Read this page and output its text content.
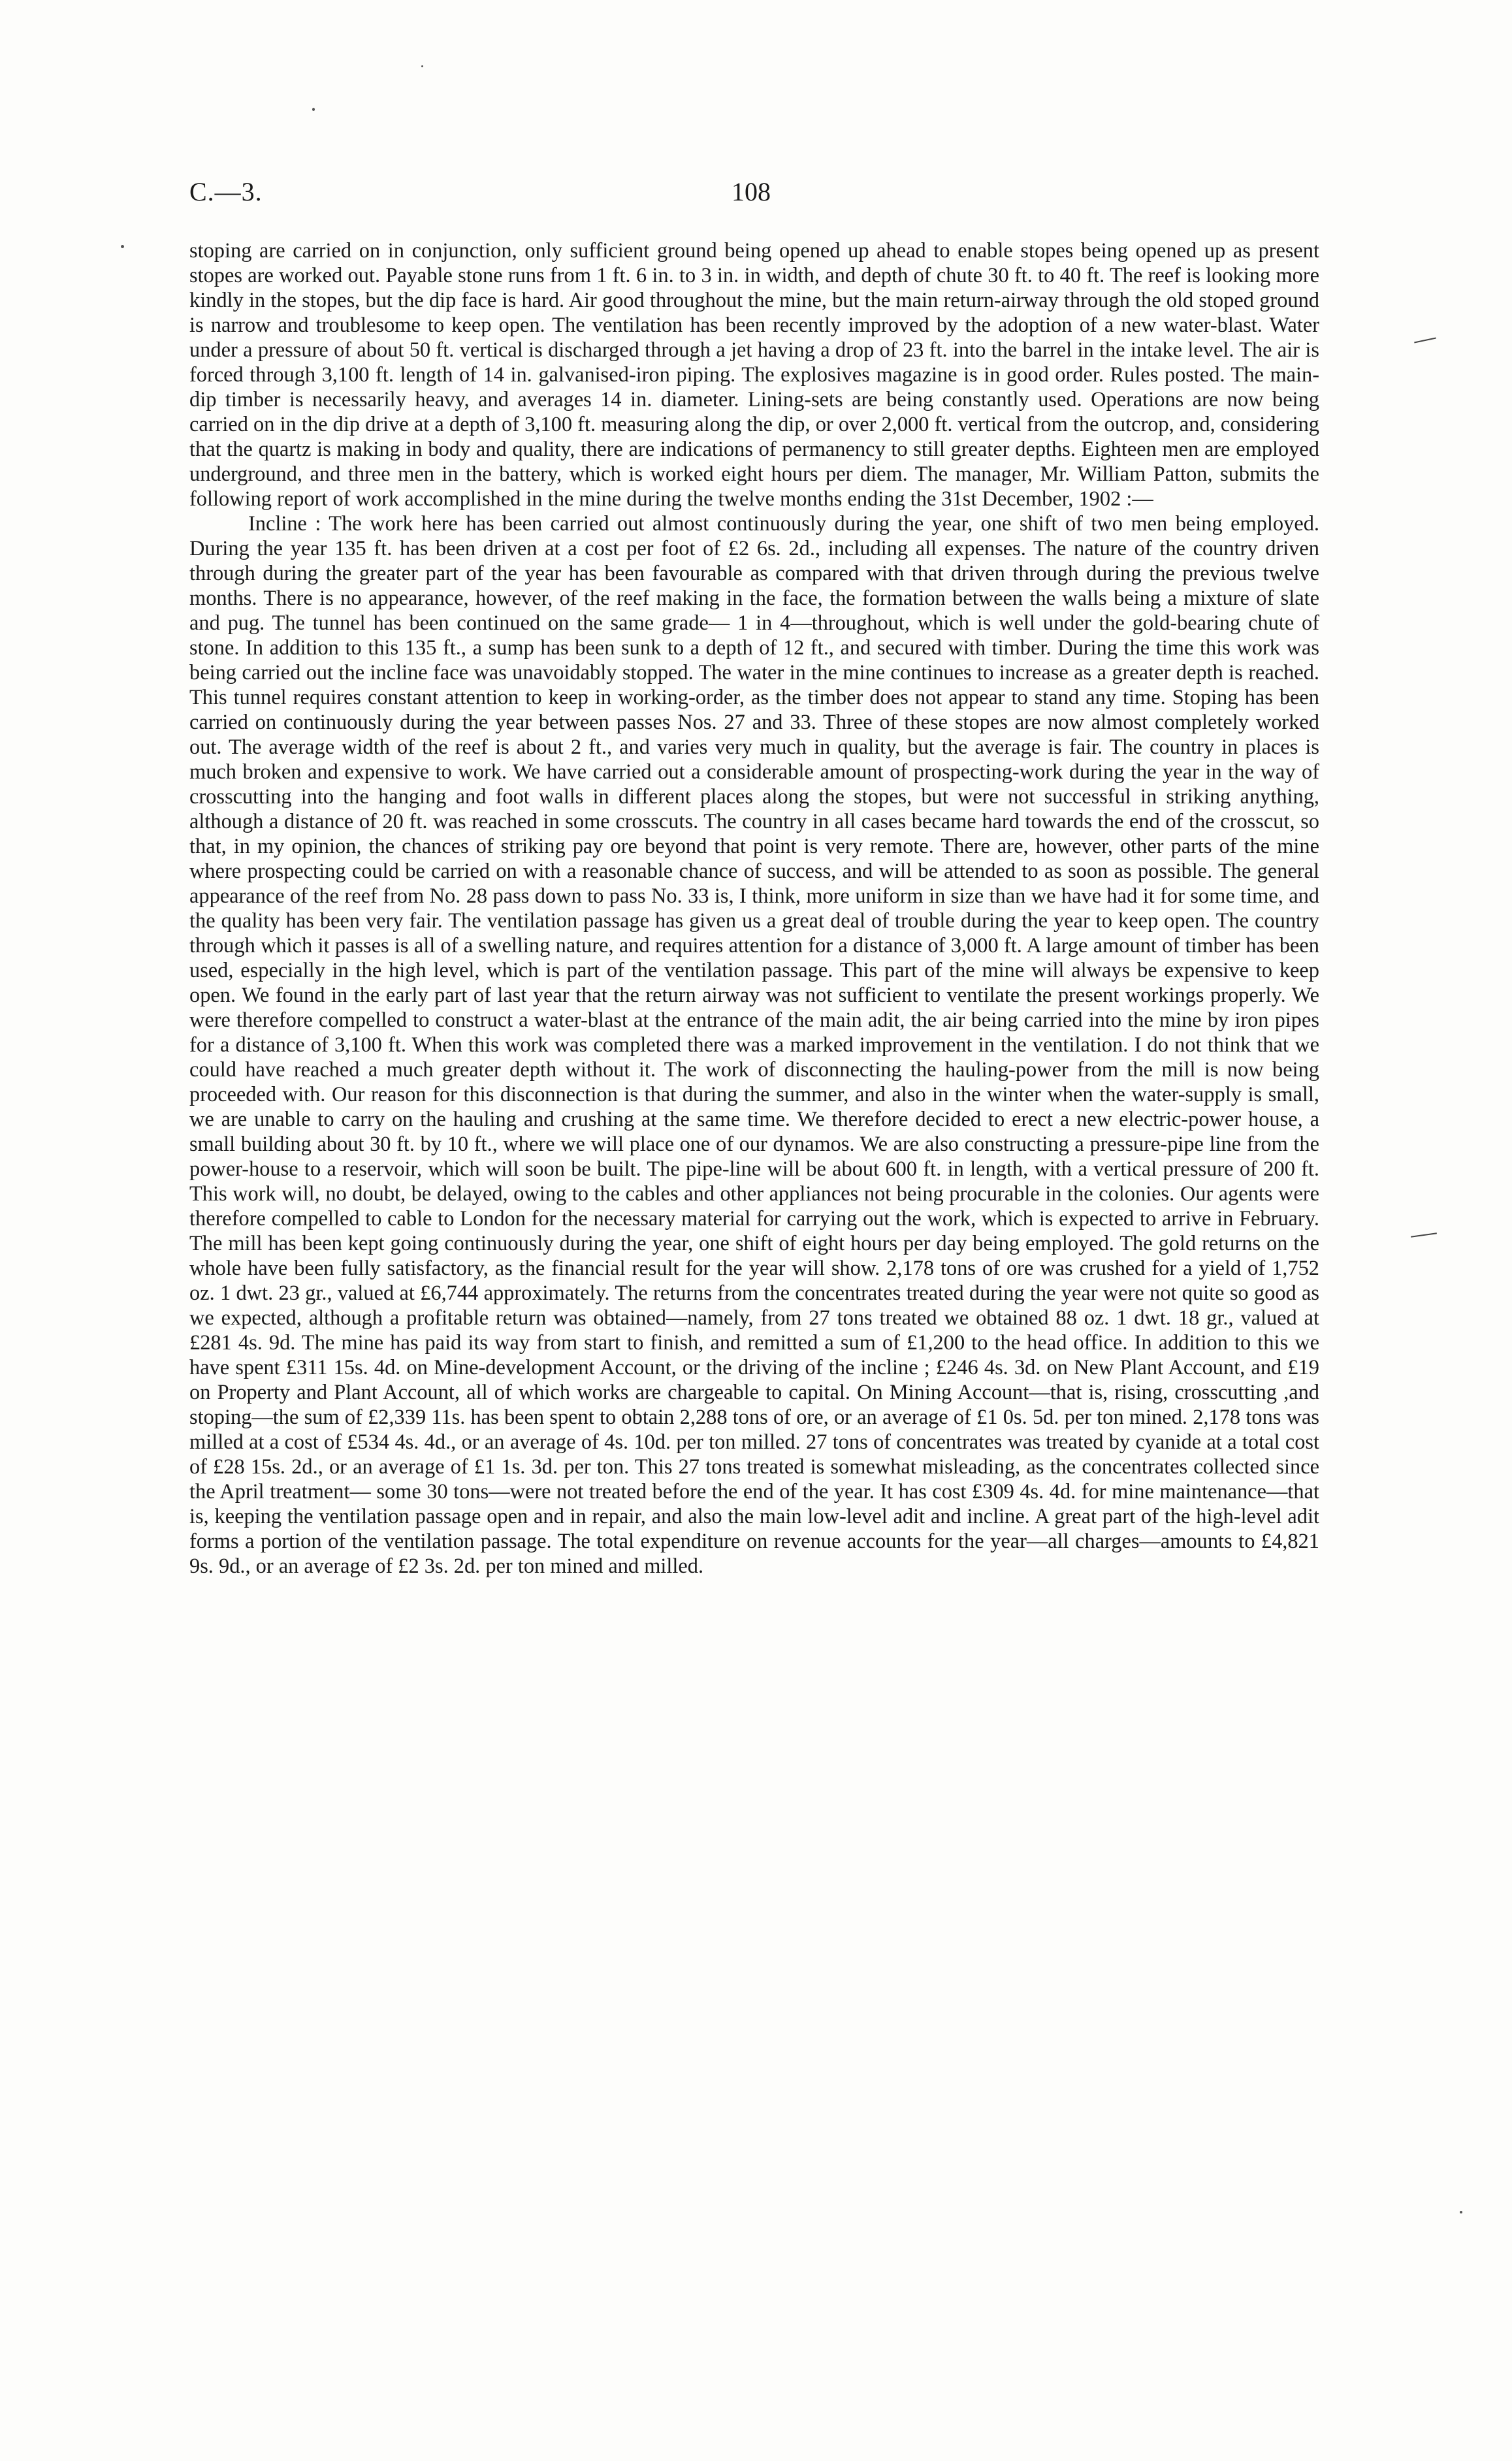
C.—3.	108

stoping are carried on in conjunction, only sufficient ground being opened up ahead to enable stopes being opened up as present stopes are worked out. Payable stone runs from 1 ft. 6 in. to 3 in. in width, and depth of chute 30 ft. to 40 ft. The reef is looking more kindly in the stopes, but the dip face is hard. Air good throughout the mine, but the main return-airway through the old stoped ground is narrow and troublesome to keep open. The ventilation has been recently improved by the adoption of a new water-blast. Water under a pressure of about 50 ft. vertical is discharged through a jet having a drop of 23 ft. into the barrel in the intake level. The air is forced through 3,100 ft. length of 14 in. galvanised-iron piping. The explosives magazine is in good order. Rules posted. The main-dip timber is necessarily heavy, and averages 14 in. diameter. Lining-sets are being constantly used. Operations are now being carried on in the dip drive at a depth of 3,100 ft. measuring along the dip, or over 2,000 ft. vertical from the outcrop, and, considering that the quartz is making in body and quality, there are indications of permanency to still greater depths. Eighteen men are employed underground, and three men in the battery, which is worked eight hours per diem. The manager, Mr. William Patton, submits the following report of work accomplished in the mine during the twelve months ending the 31st December, 1902 :—

Incline : The work here has been carried out almost continuously during the year, one shift of two men being employed. During the year 135 ft. has been driven at a cost per foot of £2 6s. 2d., including all expenses. The nature of the country driven through during the greater part of the year has been favourable as compared with that driven through during the previous twelve months. There is no appearance, however, of the reef making in the face, the formation between the walls being a mixture of slate and pug. The tunnel has been continued on the same grade— 1 in 4—throughout, which is well under the gold-bearing chute of stone. In addition to this 135 ft., a sump has been sunk to a depth of 12 ft., and secured with timber. During the time this work was being carried out the incline face was unavoidably stopped. The water in the mine continues to increase as a greater depth is reached. This tunnel requires constant attention to keep in working-order, as the timber does not appear to stand any time. Stoping has been carried on continuously during the year between passes Nos. 27 and 33. Three of these stopes are now almost completely worked out. The average width of the reef is about 2 ft., and varies very much in quality, but the average is fair. The country in places is much broken and expensive to work. We have carried out a considerable amount of prospecting-work during the year in the way of crosscutting into the hanging and foot walls in different places along the stopes, but were not successful in striking anything, although a distance of 20 ft. was reached in some crosscuts. The country in all cases became hard towards the end of the crosscut, so that, in my opinion, the chances of striking pay ore beyond that point is very remote. There are, however, other parts of the mine where prospecting could be carried on with a reasonable chance of success, and will be attended to as soon as possible. The general appearance of the reef from No. 28 pass down to pass No. 33 is, I think, more uniform in size than we have had it for some time, and the quality has been very fair. The ventilation passage has given us a great deal of trouble during the year to keep open. The country through which it passes is all of a swelling nature, and requires attention for a distance of 3,000 ft. A large amount of timber has been used, especially in the high level, which is part of the ventilation passage. This part of the mine will always be expensive to keep open. We found in the early part of last year that the return airway was not sufficient to ventilate the present workings properly. We were therefore compelled to construct a water-blast at the entrance of the main adit, the air being carried into the mine by iron pipes for a distance of 3,100 ft. When this work was completed there was a marked improvement in the ventilation. I do not think that we could have reached a much greater depth without it. The work of disconnecting the hauling-power from the mill is now being proceeded with. Our reason for this disconnection is that during the summer, and also in the winter when the water-supply is small, we are unable to carry on the hauling and crushing at the same time. We therefore decided to erect a new electric-power house, a small building about 30 ft. by 10 ft., where we will place one of our dynamos. We are also constructing a pressure-pipe line from the power-house to a reservoir, which will soon be built. The pipe-line will be about 600 ft. in length, with a vertical pressure of 200 ft. This work will, no doubt, be delayed, owing to the cables and other appliances not being procurable in the colonies. Our agents were therefore compelled to cable to London for the necessary material for carrying out the work, which is expected to arrive in February. The mill has been kept going continuously during the year, one shift of eight hours per day being employed. The gold returns on the whole have been fully satisfactory, as the financial result for the year will show. 2,178 tons of ore was crushed for a yield of 1,752 oz. 1 dwt. 23 gr., valued at £6,744 approximately. The returns from the concentrates treated during the year were not quite so good as we expected, although a profitable return was obtained—namely, from 27 tons treated we obtained 88 oz. 1 dwt. 18 gr., valued at £281 4s. 9d. The mine has paid its way from start to finish, and remitted a sum of £1,200 to the head office. In addition to this we have spent £311 15s. 4d. on Mine-development Account, or the driving of the incline ; £246 4s. 3d. on New Plant Account, and £19 on Property and Plant Account, all of which works are chargeable to capital. On Mining Account—that is, rising, crosscutting ,and stoping—the sum of £2,339 11s. has been spent to obtain 2,288 tons of ore, or an average of £1 0s. 5d. per ton mined. 2,178 tons was milled at a cost of £534 4s. 4d., or an average of 4s. 10d. per ton milled. 27 tons of concentrates was treated by cyanide at a total cost of £28 15s. 2d., or an average of £1 1s. 3d. per ton. This 27 tons treated is somewhat misleading, as the concentrates collected since the April treatment— some 30 tons—were not treated before the end of the year. It has cost £309 4s. 4d. for mine maintenance—that is, keeping the ventilation passage open and in repair, and also the main low-level adit and incline. A great part of the high-level adit forms a portion of the ventilation passage. The total expenditure on revenue accounts for the year—all charges—amounts to £4,821 9s. 9d., or an average of £2 3s. 2d. per ton mined and milled.
